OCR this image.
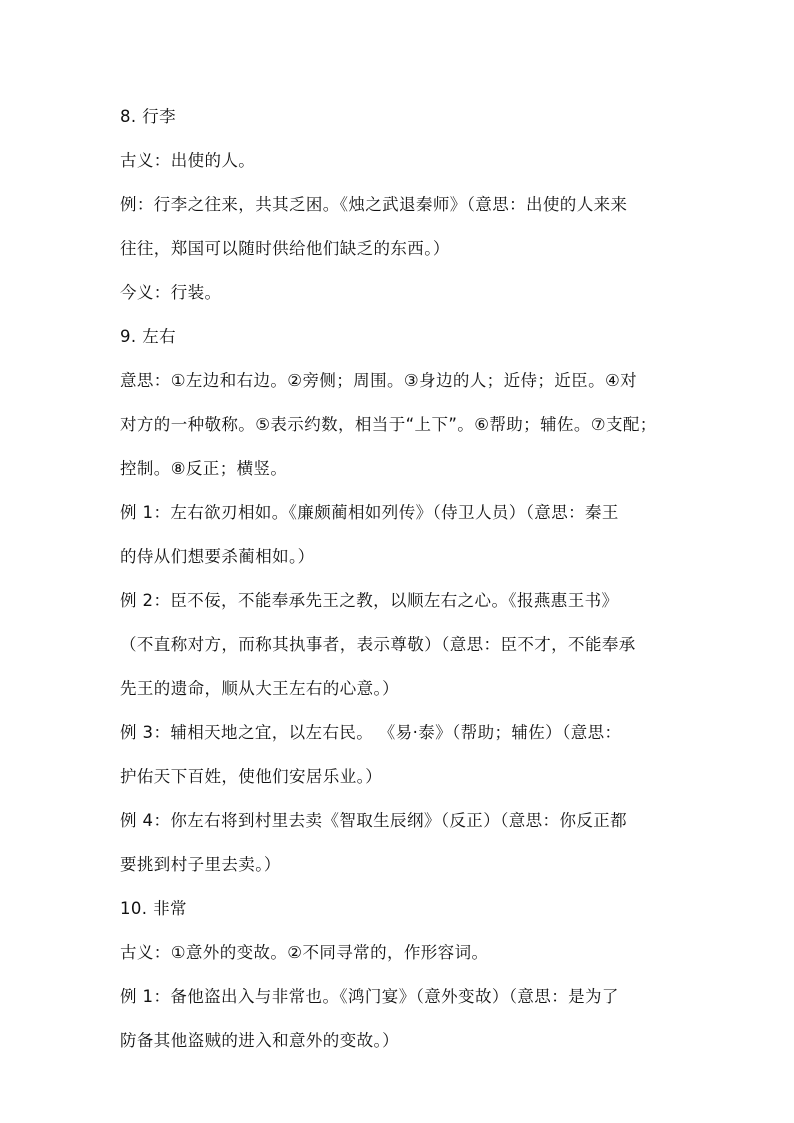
8. 行李

古义：出使的人。

例：行李之往来，共其乏困。《烛之武退秦师》（意思：出使的人来来

往往，郑国可以随时供给他们缺乏的东西。）

今义：行装。

9. 左右

意思：①左边和右边。②旁侧；周围。③身边的人；近侍；近臣。④对

对方的一种敬称。⑤表示约数，相当于“上下”。⑥帮助；辅佐。⑦支配；

控制。⑧反正；横竖。

例 1：左右欲刃相如。《廉颇蔺相如列传》（侍卫人员）（意思：秦王

的侍从们想要杀蔺相如。）

例 2：臣不佞，不能奉承先王之教，以顺左右之心。《报燕惠王书》

（不直称对方，而称其执事者，表示尊敬）（意思：臣不才，不能奉承

先王的遗命，顺从大王左右的心意。）

例 3：辅相天地之宜，以左右民。 《易·泰》（帮助；辅佐）（意思：

护佑天下百姓，使他们安居乐业。）

例 4：你左右将到村里去卖《智取生辰纲》（反正）（意思：你反正都

要挑到村子里去卖。）

10. 非常

古义：①意外的变故。②不同寻常的，作形容词。

例 1：备他盗出入与非常也。《鸿门宴》（意外变故）（意思：是为了

防备其他盗贼的进入和意外的变故。）
